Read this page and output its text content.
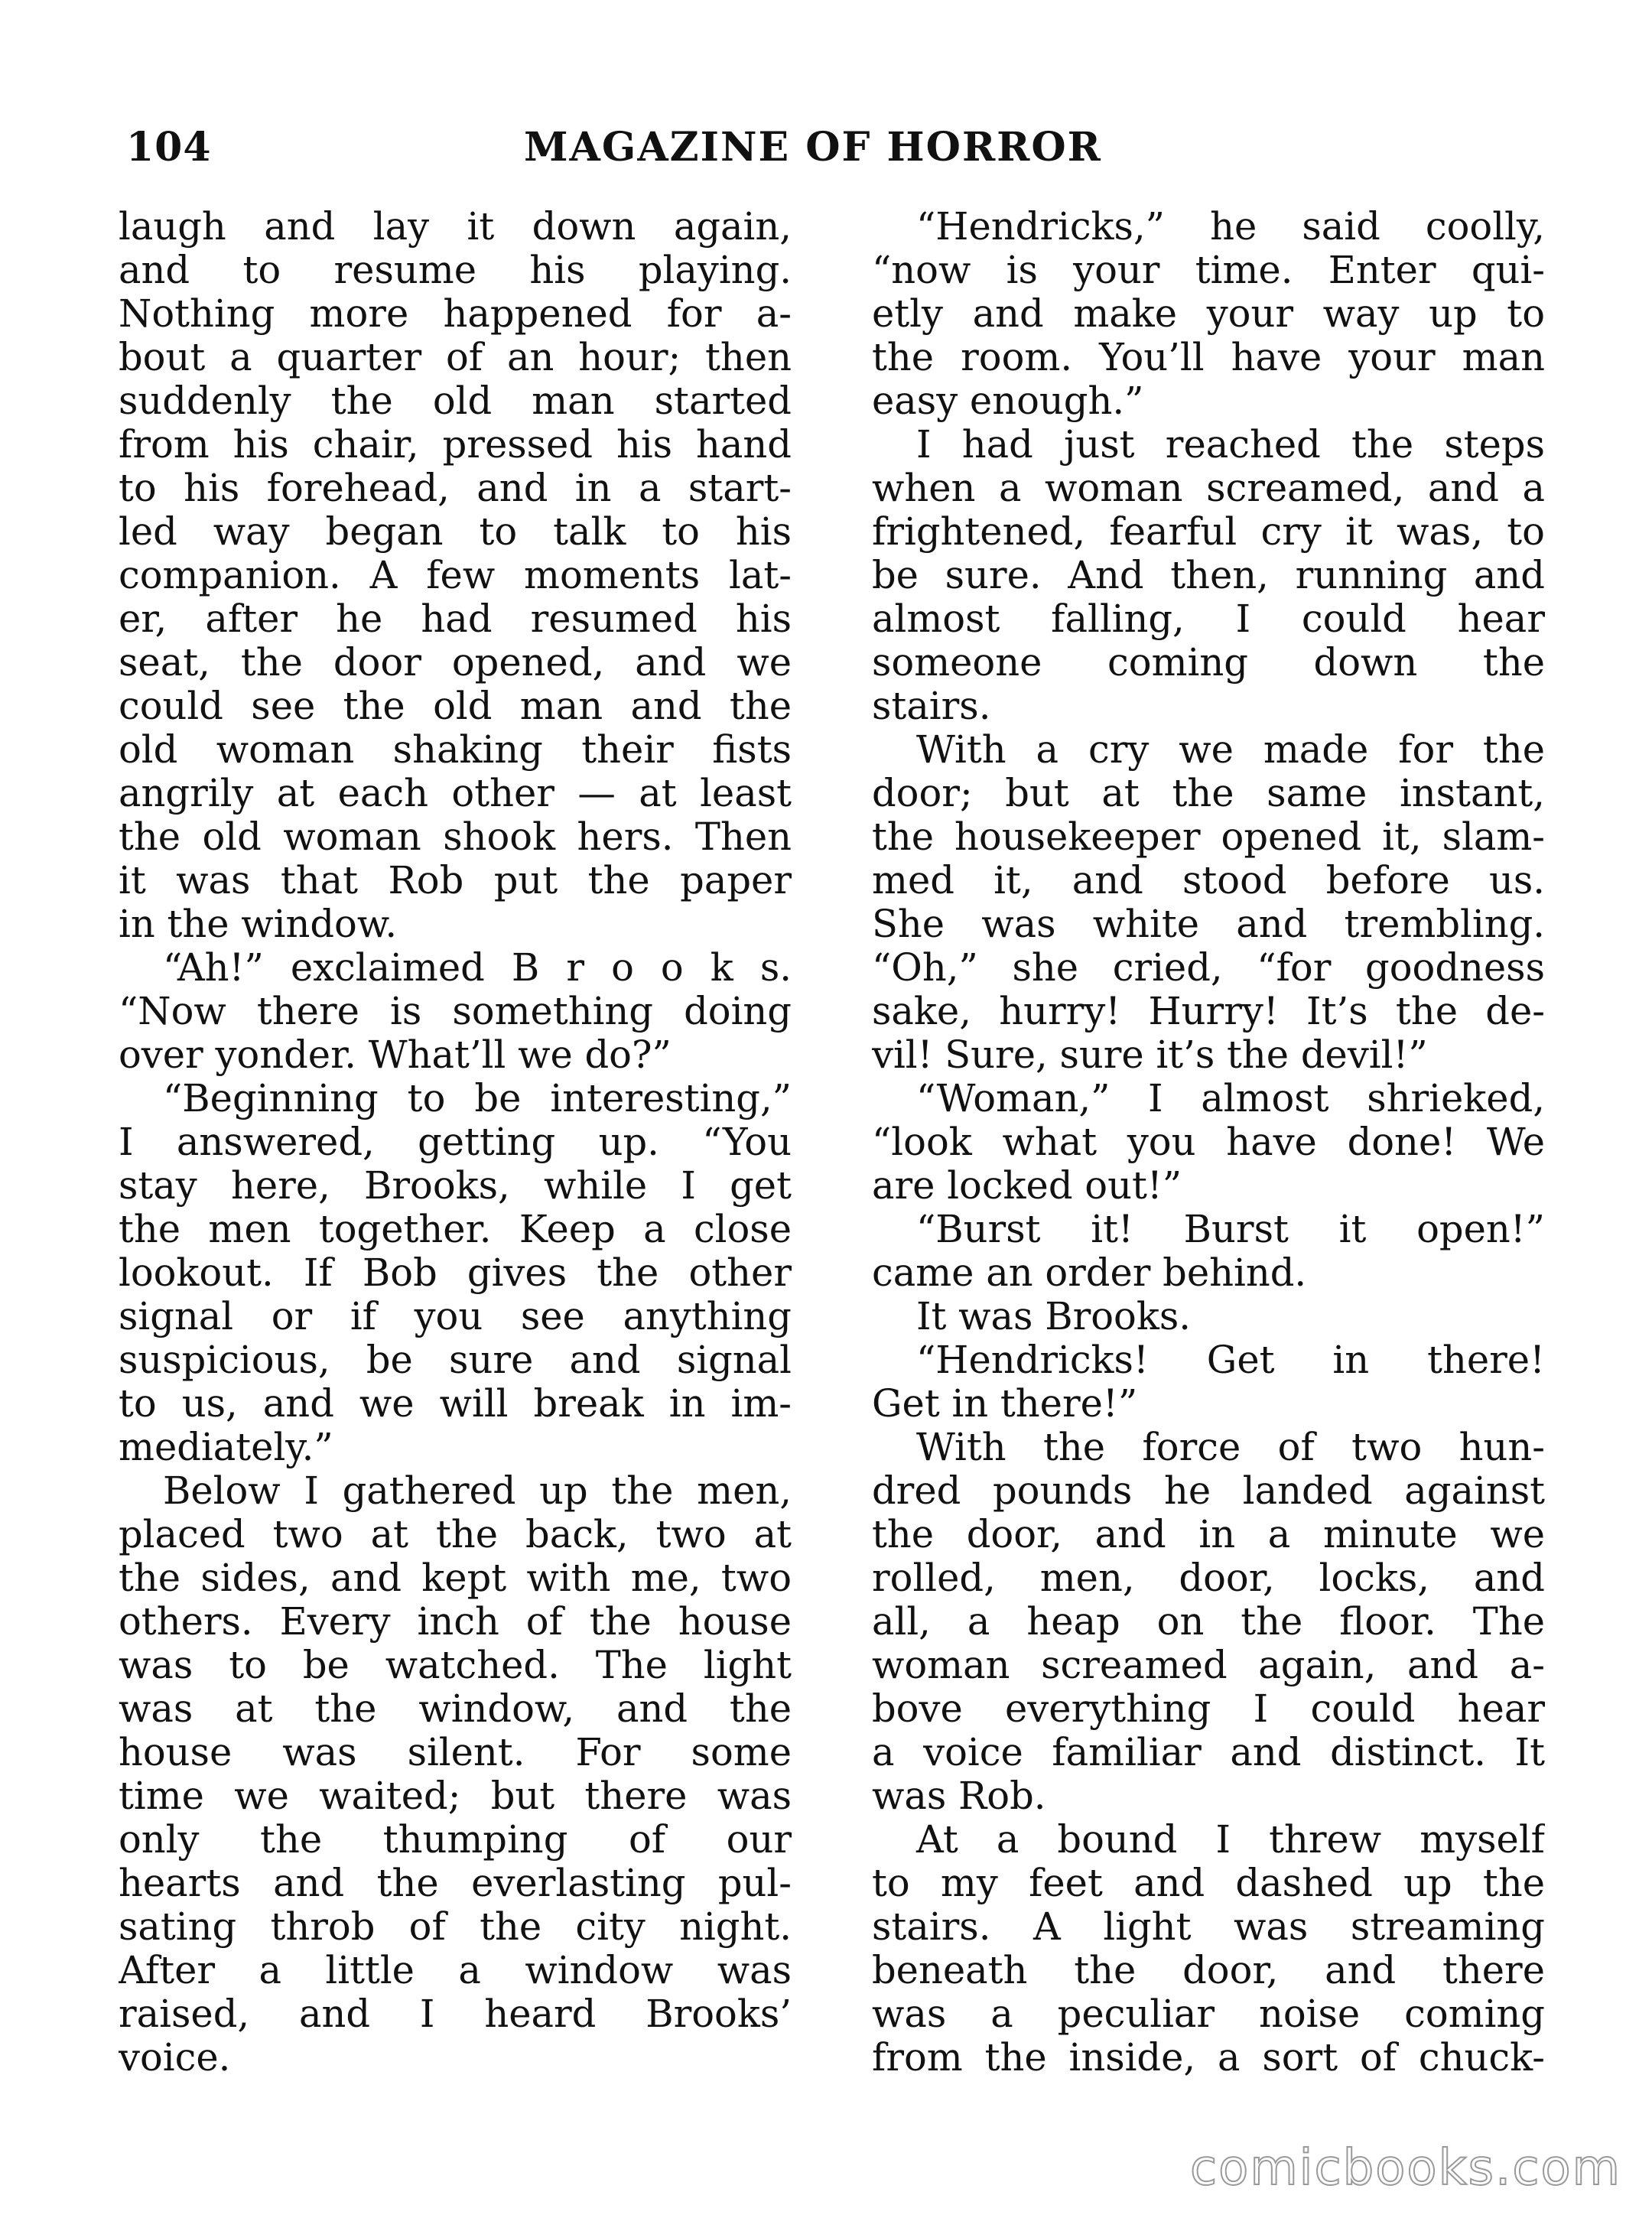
104	MAGAZINE OF HORROR
laugh and lay it down again,
and to resume his playing.
Nothing more happened for a-
bout a quarter of an hour; then
suddenly the old man started
from his chair, pressed his hand
to his forehead, and in a start-
led way began to talk to his
companion. A few moments lat-
er, after he had resumed his
seat, the door opened, and we
could see the old man and the
old woman shaking their fists
angrily at each other — at least
the old woman shook hers. Then
it was that Rob put the paper
in the window.
“Ah!” exclaimed B r o o k s.
“Now there is something doing
over yonder. What’ll we do?”
“Beginning to be interesting,”
I answered, getting up. “You
stay here, Brooks, while I get
the men together. Keep a close
lookout. If Bob gives the other
signal or if you see anything
suspicious, be sure and signal
to us, and we will break in im-
mediately.”
Below I gathered up the men,
placed two at the back, two at
the sides, and kept with me, two
others. Every inch of the house
was to be watched. The light
was at the window, and the
house was silent. For some
time we waited; but there was
only the thumping of our
hearts and the everlasting pul-
sating throb of the city night.
After a little a window was
raised, and I heard Brooks’
voice.
“Hendricks,” he said coolly,
“now is your time. Enter qui-
etly and make your way up to
the room. You’ll have your man
easy enough.”
I had just reached the steps
when a woman screamed, and a
frightened, fearful cry it was, to
be sure. And then, running and
almost falling, I could hear
someone coming down the
stairs.
With a cry we made for the
door; but at the same instant,
the housekeeper opened it, slam-
med it, and stood before us.
She was white and trembling.
“Oh,” she cried, “for goodness
sake, hurry! Hurry! It’s the de-
vil! Sure, sure it’s the devil!”
“Woman,” I almost shrieked,
“look what you have done! We
are locked out!”
“Burst it! Burst it open!”
came an order behind.
It was Brooks.
“Hendricks! Get in there!
Get in there!”
With the force of two hun-
dred pounds he landed against
the door, and in a minute we
rolled, men, door, locks, and
all, a heap on the floor. The
woman screamed again, and a-
bove everything I could hear
a voice familiar and distinct. It
was Rob.
At a bound I threw myself
to my feet and dashed up the
stairs. A light was streaming
beneath the door, and there
was a peculiar noise coming
from the inside, a sort of chuck-
comicbooks.com
